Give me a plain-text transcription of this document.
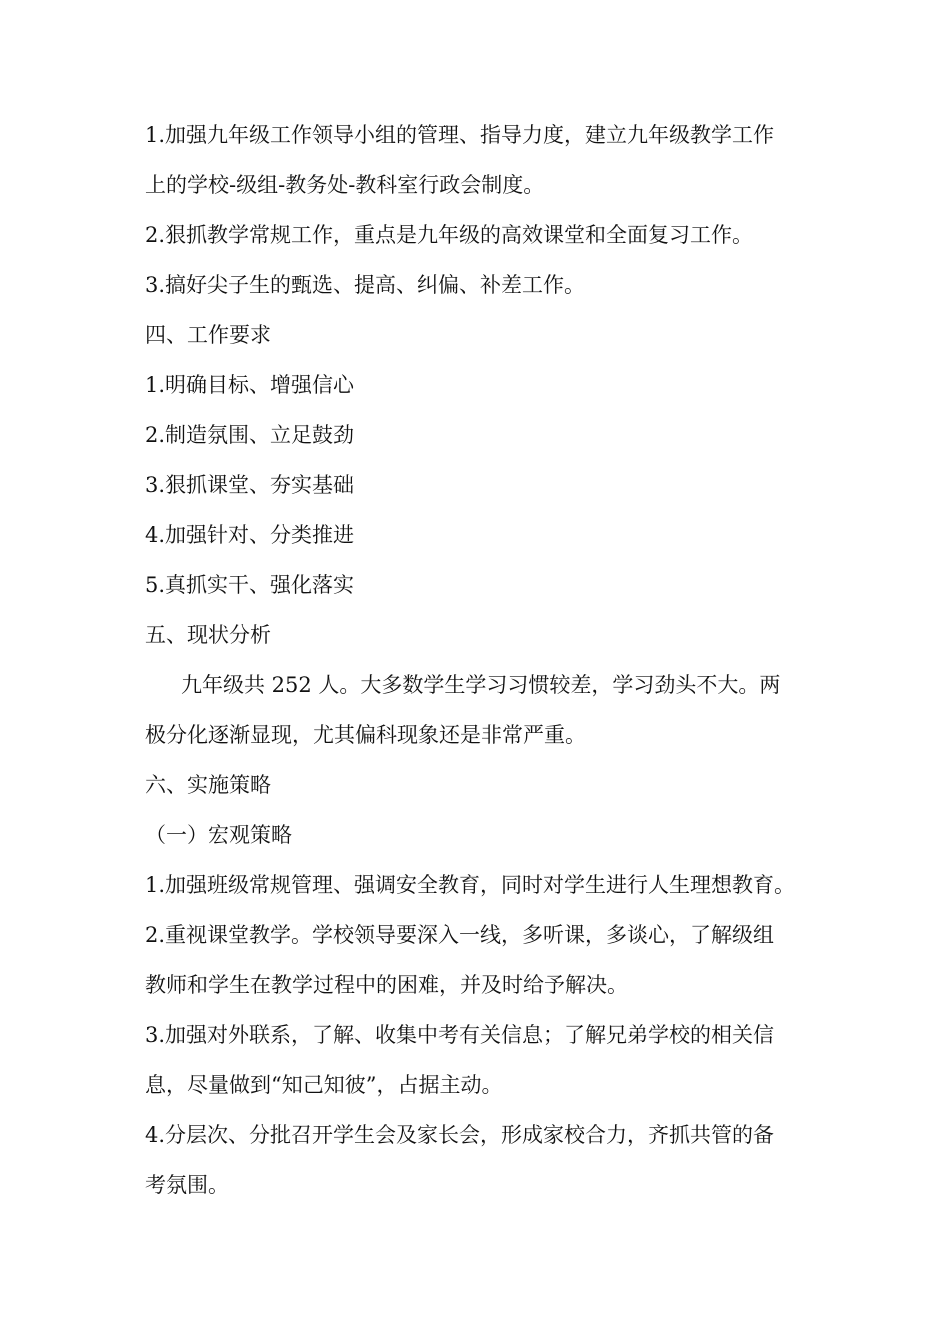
1.加强九年级工作领导小组的管理、指导力度，建立九年级教学工作
上的学校-级组-教务处-教科室行政会制度。
2.狠抓教学常规工作，重点是九年级的高效课堂和全面复习工作。
3.搞好尖子生的甄选、提高、纠偏、补差工作。
四、工作要求
1.明确目标、增强信心
2.制造氛围、立足鼓劲
3.狠抓课堂、夯实基础
4.加强针对、分类推进
5.真抓实干、强化落实
五、现状分析
九年级共 252 人。大多数学生学习习惯较差，学习劲头不大。两
极分化逐渐显现，尤其偏科现象还是非常严重。
六、实施策略
（一）宏观策略
1.加强班级常规管理、强调安全教育，同时对学生进行人生理想教育。
2.重视课堂教学。学校领导要深入一线，多听课，多谈心，了解级组
教师和学生在教学过程中的困难，并及时给予解决。
3.加强对外联系，了解、收集中考有关信息；了解兄弟学校的相关信
息，尽量做到“知己知彼”，占据主动。
4.分层次、分批召开学生会及家长会，形成家校合力，齐抓共管的备
考氛围。
